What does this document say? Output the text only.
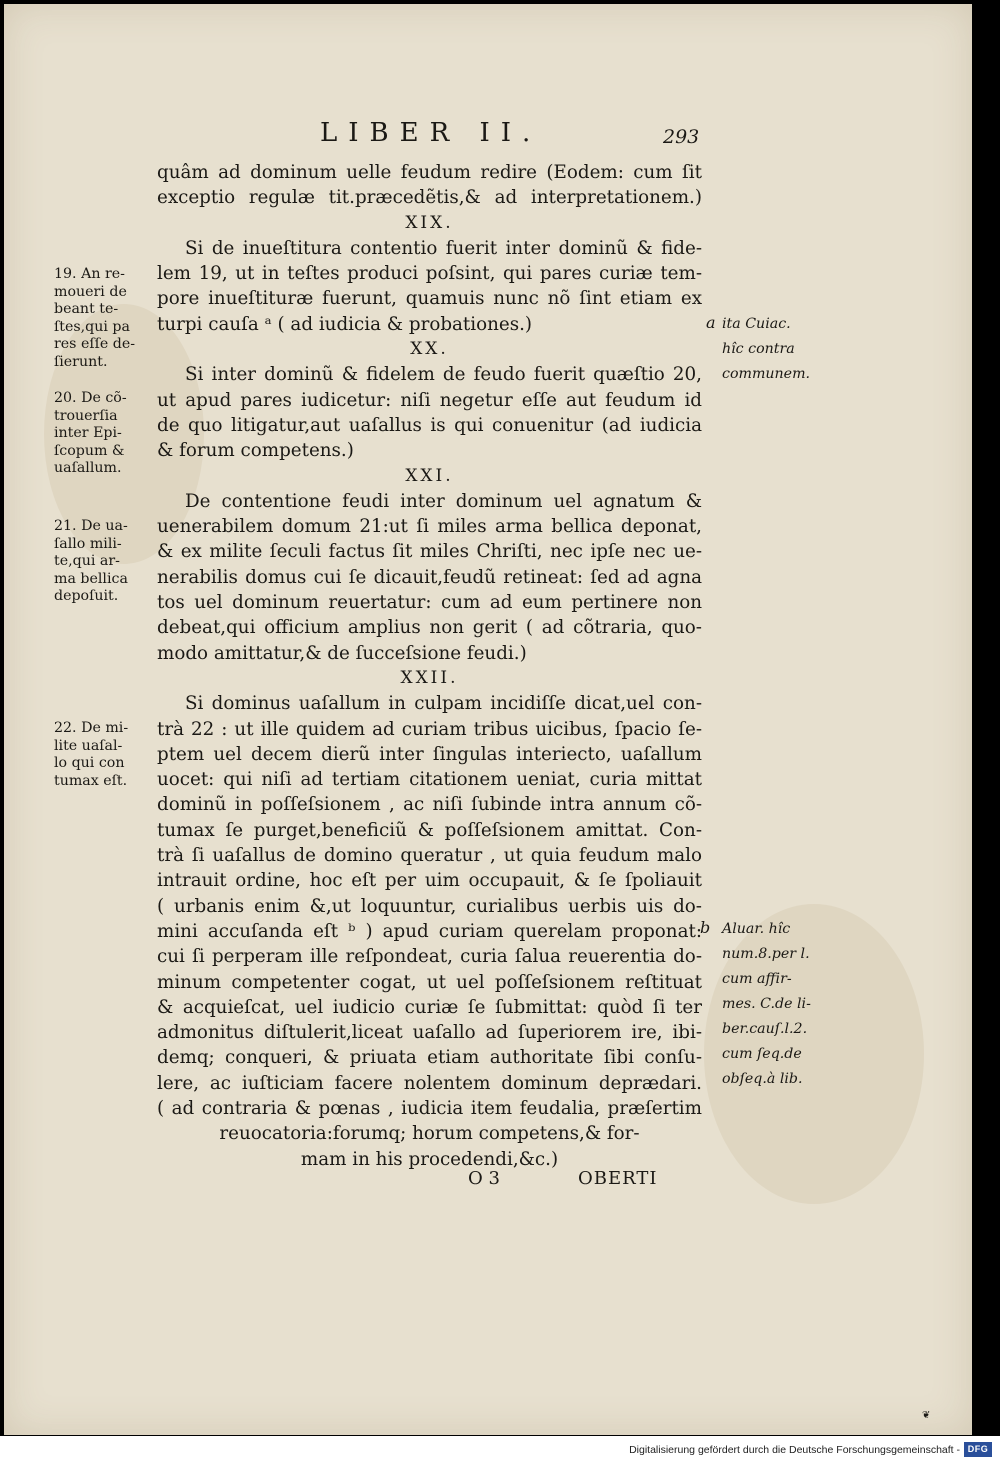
LIBER II.	293
quâm ad dominum uelle feudum redire (Eodem: cum ſit
exceptio regulæ tit.præcedẽtis,& ad interpretationem.)
XIX.
Si de inueſtitura contentio fuerit inter dominũ & fide-
lem 19, ut in teſtes produci poſsint, qui pares curiæ tem-
pore inueſtituræ fuerunt, quamuis nunc nõ ſint etiam ex
turpi cauſa ᵃ ( ad iudicia & probationes.)
XX.
Si inter dominũ & fidelem de feudo fuerit quæſtio 20,
ut apud pares iudicetur: niſi negetur eſſe aut feudum id
de quo litigatur,aut uaſallus is qui conuenitur (ad iudicia
& forum competens.)
XXI.
De contentione feudi inter dominum uel agnatum &
uenerabilem domum 21:ut ſi miles arma bellica deponat,
& ex milite ſeculi factus ſit miles Chriſti, nec ipſe nec ue-
nerabilis domus cui ſe dicauit,feudũ retineat: ſed ad agna
tos uel dominum reuertatur: cum ad eum pertinere non
debeat,qui officium amplius non gerit ( ad cõtraria, quo-
modo amittatur,& de ſucceſsione feudi.)
XXII.
Si dominus uaſallum in culpam incidiſſe dicat,uel con-
trà 22 : ut ille quidem ad curiam tribus uicibus, ſpacio ſe-
ptem uel decem dierũ inter ſingulas interiecto, uaſallum
uocet: qui niſi ad tertiam citationem ueniat, curia mittat
dominũ in poſſeſsionem , ac niſi ſubinde intra annum cõ-
tumax ſe purget,beneficiũ & poſſeſsionem amittat. Con-
trà ſi uaſallus de domino queratur , ut quia feudum malo
intrauit ordine, hoc eſt per uim occupauit, & ſe ſpoliauit
( urbanis enim &,ut loquuntur, curialibus uerbis uis do-
mini accuſanda eſt ᵇ ) apud curiam querelam proponat:
cui ſi perperam ille reſpondeat, curia ſalua reuerentia do-
minum competenter cogat, ut uel poſſeſsionem reſtituat
& acquieſcat, uel iudicio curiæ ſe ſubmittat: quòd ſi ter
admonitus diſtulerit,liceat uaſallo ad ſuperiorem ire, ibi-
demq; conqueri, & priuata etiam authoritate ſibi conſu-
lere, ac iuſticiam facere nolentem dominum deprædari.
( ad contraria & pœnas , iudicia item feudalia, præſertim
reuocatoria:forumq; horum competens,& for-
mam in his procedendi,&c.)
19. An re-
moueri de
beant te-
ſtes,qui pa
res eſſe de-
ſierunt.
20. De cõ-
trouerſia
inter Epi-
ſcopum &
uaſallum.
21. De ua-
ſallo mili-
te,qui ar-
ma bellica
depoſuit.
22. De mi-
lite uaſal-
lo qui con
tumax eſt.
a ita Cuiac.
hîc contra
communem.
b Aluar. hîc
num.8.per l.
cum affir-
mes. C.de li-
ber.cauſ.l.2.
cum ſeq.de
obſeq.à lib.
O 3	OBERTI
❦
Digitalisierung gefördert durch die Deutsche Forschungsgemeinschaft - DFG
